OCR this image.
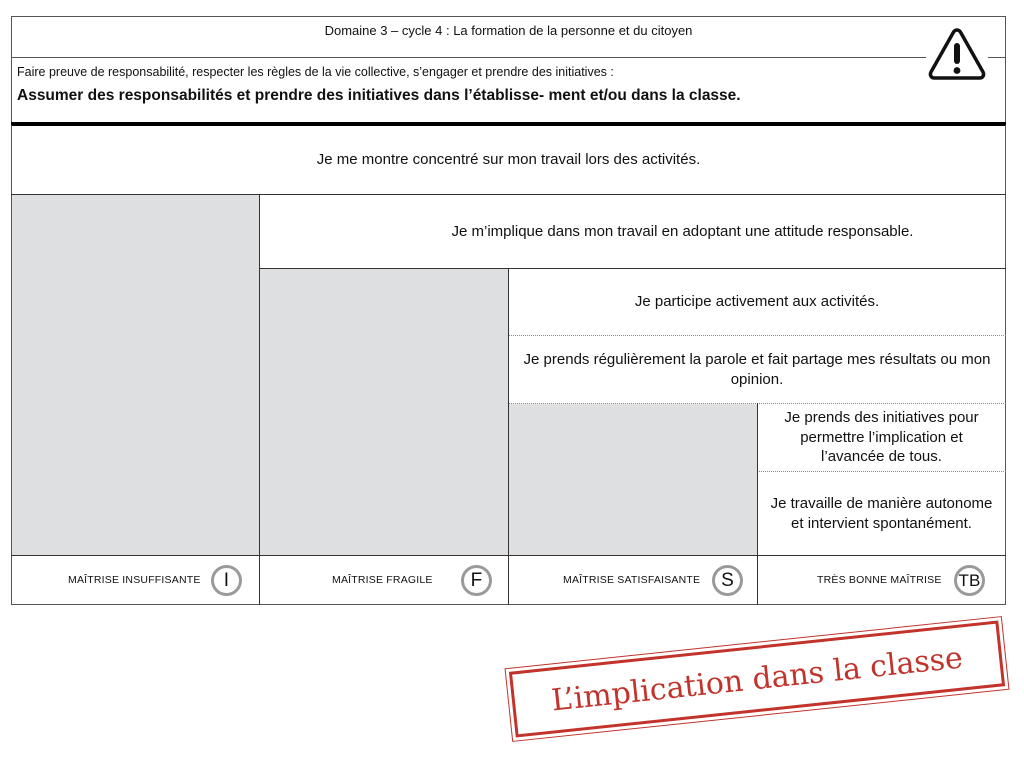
Domaine 3 – cycle 4 : La formation de la personne et du citoyen
Faire preuve de responsabilité, respecter les règles de la vie collective, s’engager et prendre des initiatives :
Assumer des responsabilités et prendre des initiatives dans l’établisse- ment et/ou dans la classe.
Je me montre concentré sur mon travail lors des activités.
Je m’implique dans mon travail en adoptant une attitude responsable.
Je participe activement aux activités.
Je prends régulièrement la parole et fait partage mes résultats ou mon opinion.
Je prends des initiatives pour permettre l’implication et l’avancée de tous.
Je travaille de manière autonome et intervient spontanément.
MAÎTRISE INSUFFISANTE	I	MAÎTRISE FRAGILE	F	MAÎTRISE SATISFAISANTE	S	TRÈS BONNE MAÎTRISE TB
L’implication dans la classe
